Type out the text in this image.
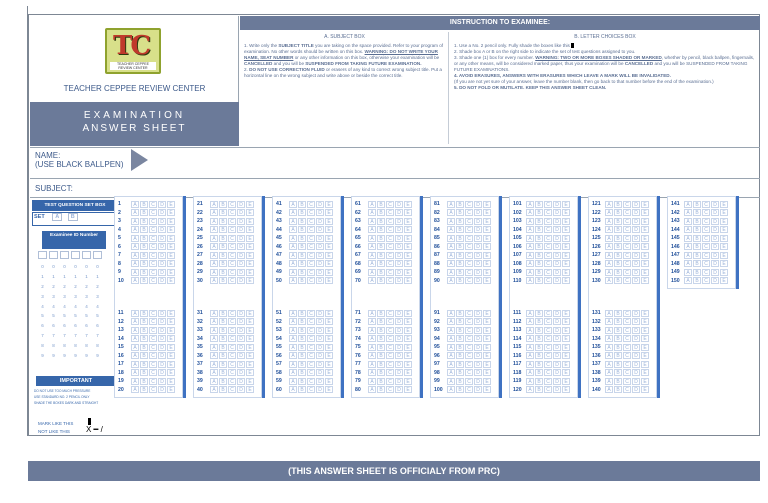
TC
TEACHER CEPPEE REVIEW CENTER
TEACHER CEPPEE REVIEW CENTER
EXAMINATION
ANSWER SHEET
INSTRUCTION TO EXAMINEE:
A. SUBJECT BOX
1. Write only the SUBJECT TITLE you are taking on the space provided. Refer to your program of examination. No other words should be written on this box. WARNING: DO NOT WRITE YOUR NAME, SEAT NUMBER or any other information on this box, otherwise your examination will be CANCELLED and you will be SUSPENDED FROM TAKING FUTURE EXAMINATION.
2. DO NOT USE CORRECTION FLUID or erasers of any kind to correct wrong subject title. Put a horizontal line on the wrong subject and write above or beside the correct title.
B. LETTER CHOICES BOX
1. Use a No. 2 pencil only. Fully shade the boxes like this
2. Shade box A or B on the right side to indicate the set of test questions assigned to you.
3. Shade one (1) box for every number. WARNING: TWO OR MORE BOXES SHADED OR MARKED, whether by pencil, black ballpen, fingernails, or any other means, will be considered marked paper, thus your examination will be CANCELLED and you will be SUSPENDED FROM TAKING FUTURE EXAMINATIONS.
4. AVOID ERASURES, ANSWERS WITH ERASURES WHICH LEAVE A MARK WILL BE INVALIDATED.
(If you are not yet sure of your answer, leave the number blank, then go back to that number before the end of the examination.)
5. DO NOT FOLD OR MUTILATE. KEEP THIS ANSWER SHEET CLEAN.
NAME:
(USE BLACK BALLPEN)
SUBJECT:
TEST QUESTION SET BOX
SET A B
Examinee ID Number
0	0	0	0	0	0
1	1	1	1	1	1
2	2	2	2	2	2
3	3	3	3	3	3
4	4	4	4	4	4
5	5	5	5	5	5
6	6	6	6	6	6
7	7	7	7	7	7
8	8	8	8	8	8
9	9	9	9	9	9
IMPORTANT
DO NOT USE TOO MUCH PRESSURE
USE STANDARD NO. 2 PENCIL ONLY
SHADE THE BOXES DARK AND STRAIGHT
MARK LIKE THIS
NOT LIKE THIS X ━ /
1	A	B	C	D	E
2	A	B	C	D	E
3	A	B	C	D	E
4	A	B	C	D	E
5	A	B	C	D	E
6	A	B	C	D	E
7	A	B	C	D	E
8	A	B	C	D	E
9	A	B	C	D	E
10	A	B	C	D	E
11	A	B	C	D	E
12	A	B	C	D	E
13	A	B	C	D	E
14	A	B	C	D	E
15	A	B	C	D	E
16	A	B	C	D	E
17	A	B	C	D	E
18	A	B	C	D	E
19	A	B	C	D	E
20	A	B	C	D	E
21	A	B	C	D	E
22	A	B	C	D	E
23	A	B	C	D	E
24	A	B	C	D	E
25	A	B	C	D	E
26	A	B	C	D	E
27	A	B	C	D	E
28	A	B	C	D	E
29	A	B	C	D	E
30	A	B	C	D	E
31	A	B	C	D	E
32	A	B	C	D	E
33	A	B	C	D	E
34	A	B	C	D	E
35	A	B	C	D	E
36	A	B	C	D	E
37	A	B	C	D	E
38	A	B	C	D	E
39	A	B	C	D	E
40	A	B	C	D	E
41	A	B	C	D	E
42	A	B	C	D	E
43	A	B	C	D	E
44	A	B	C	D	E
45	A	B	C	D	E
46	A	B	C	D	E
47	A	B	C	D	E
48	A	B	C	D	E
49	A	B	C	D	E
50	A	B	C	D	E
51	A	B	C	D	E
52	A	B	C	D	E
53	A	B	C	D	E
54	A	B	C	D	E
55	A	B	C	D	E
56	A	B	C	D	E
57	A	B	C	D	E
58	A	B	C	D	E
59	A	B	C	D	E
60	A	B	C	D	E
61	A	B	C	D	E
62	A	B	C	D	E
63	A	B	C	D	E
64	A	B	C	D	E
65	A	B	C	D	E
66	A	B	C	D	E
67	A	B	C	D	E
68	A	B	C	D	E
69	A	B	C	D	E
70	A	B	C	D	E
71	A	B	C	D	E
72	A	B	C	D	E
73	A	B	C	D	E
74	A	B	C	D	E
75	A	B	C	D	E
76	A	B	C	D	E
77	A	B	C	D	E
78	A	B	C	D	E
79	A	B	C	D	E
80	A	B	C	D	E
81	A	B	C	D	E
82	A	B	C	D	E
83	A	B	C	D	E
84	A	B	C	D	E
85	A	B	C	D	E
86	A	B	C	D	E
87	A	B	C	D	E
88	A	B	C	D	E
89	A	B	C	D	E
90	A	B	C	D	E
91	A	B	C	D	E
92	A	B	C	D	E
93	A	B	C	D	E
94	A	B	C	D	E
95	A	B	C	D	E
96	A	B	C	D	E
97	A	B	C	D	E
98	A	B	C	D	E
99	A	B	C	D	E
100	A	B	C	D	E
101	A	B	C	D	E
102	A	B	C	D	E
103	A	B	C	D	E
104	A	B	C	D	E
105	A	B	C	D	E
106	A	B	C	D	E
107	A	B	C	D	E
108	A	B	C	D	E
109	A	B	C	D	E
110	A	B	C	D	E
111	A	B	C	D	E
112	A	B	C	D	E
113	A	B	C	D	E
114	A	B	C	D	E
115	A	B	C	D	E
116	A	B	C	D	E
117	A	B	C	D	E
118	A	B	C	D	E
119	A	B	C	D	E
120	A	B	C	D	E
121	A	B	C	D	E
122	A	B	C	D	E
123	A	B	C	D	E
124	A	B	C	D	E
125	A	B	C	D	E
126	A	B	C	D	E
127	A	B	C	D	E
128	A	B	C	D	E
129	A	B	C	D	E
130	A	B	C	D	E
131	A	B	C	D	E
132	A	B	C	D	E
133	A	B	C	D	E
134	A	B	C	D	E
135	A	B	C	D	E
136	A	B	C	D	E
137	A	B	C	D	E
138	A	B	C	D	E
139	A	B	C	D	E
140	A	B	C	D	E
141	A	B	C	D	E
142	A	B	C	D	E
143	A	B	C	D	E
144	A	B	C	D	E
145	A	B	C	D	E
146	A	B	C	D	E
147	A	B	C	D	E
148	A	B	C	D	E
149	A	B	C	D	E
150	A	B	C	D	E
(THIS ANSWER SHEET IS OFFICIALY FROM PRC)
